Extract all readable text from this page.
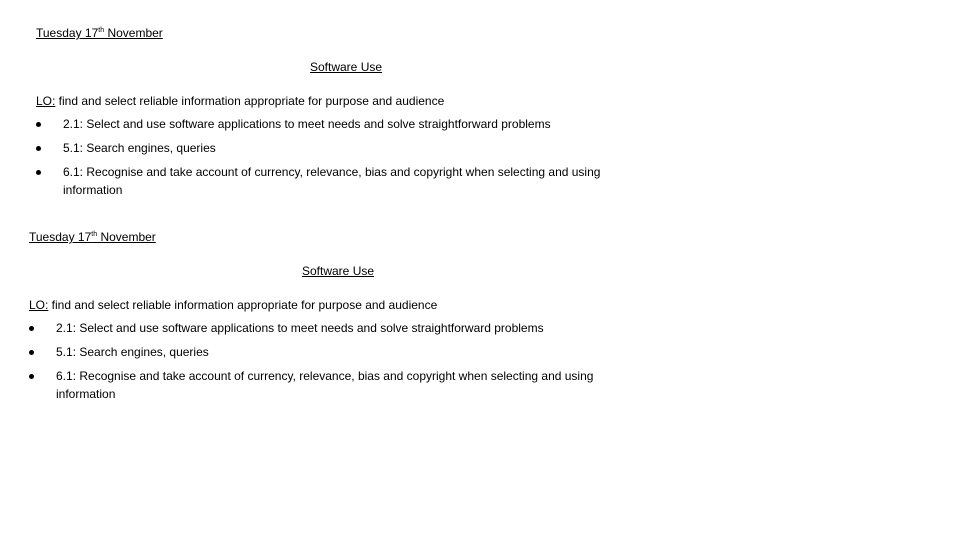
Tuesday 17th November
Software Use
LO: find and select reliable information appropriate for purpose and audience
2.1: Select and use software applications to meet needs and solve straightforward problems
5.1: Search engines, queries
6.1: Recognise and take account of currency, relevance, bias and copyright when selecting and using information
Tuesday 17th November
Software Use
LO: find and select reliable information appropriate for purpose and audience
2.1: Select and use software applications to meet needs and solve straightforward problems
5.1: Search engines, queries
6.1: Recognise and take account of currency, relevance, bias and copyright when selecting and using information
